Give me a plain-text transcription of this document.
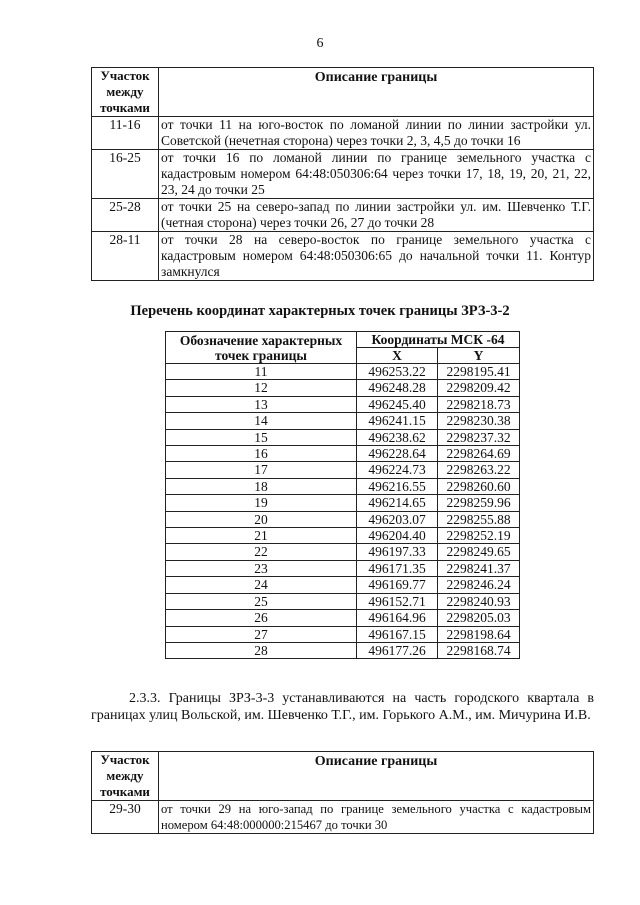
6
Участок между точками	Описание границы
11-16	от точки 11 на юго-восток по ломаной линии по линии застройки ул. Советской (нечетная сторона) через точки 2, 3, 4,5 до точки 16
16-25	от точки 16 по ломаной линии по границе земельного участка с кадастровым номером 64:48:050306:64 через точки 17, 18, 19, 20, 21, 22, 23, 24 до точки 25
25-28	от точки 25 на северо-запад по линии застройки ул. им. Шевченко Т.Г. (четная сторона) через точки 26, 27 до точки 28
28-11	от точки 28 на северо-восток по границе земельного участка с кадастровым номером 64:48:050306:65 до начальной точки 11. Контур замкнулся
Перечень координат характерных точек границы ЗРЗ-3-2
Обозначение характерных точек границы	Координаты МСК -64	
	X	Y
11	496253.22	2298195.41
12	496248.28	2298209.42
13	496245.40	2298218.73
14	496241.15	2298230.38
15	496238.62	2298237.32
16	496228.64	2298264.69
17	496224.73	2298263.22
18	496216.55	2298260.60
19	496214.65	2298259.96
20	496203.07	2298255.88
21	496204.40	2298252.19
22	496197.33	2298249.65
23	496171.35	2298241.37
24	496169.77	2298246.24
25	496152.71	2298240.93
26	496164.96	2298205.03
27	496167.15	2298198.64
28	496177.26	2298168.74

2.3.3. Границы ЗРЗ-3-3 устанавливаются на часть городского квартала в границах улиц Вольской, им. Шевченко Т.Г., им. Горького А.М., им. Мичурина И.В.

Участок между точками	Описание границы
29-30	от точки 29 на юго-запад по границе земельного участка с кадастровым номером 64:48:000000:215467 до точки 30
